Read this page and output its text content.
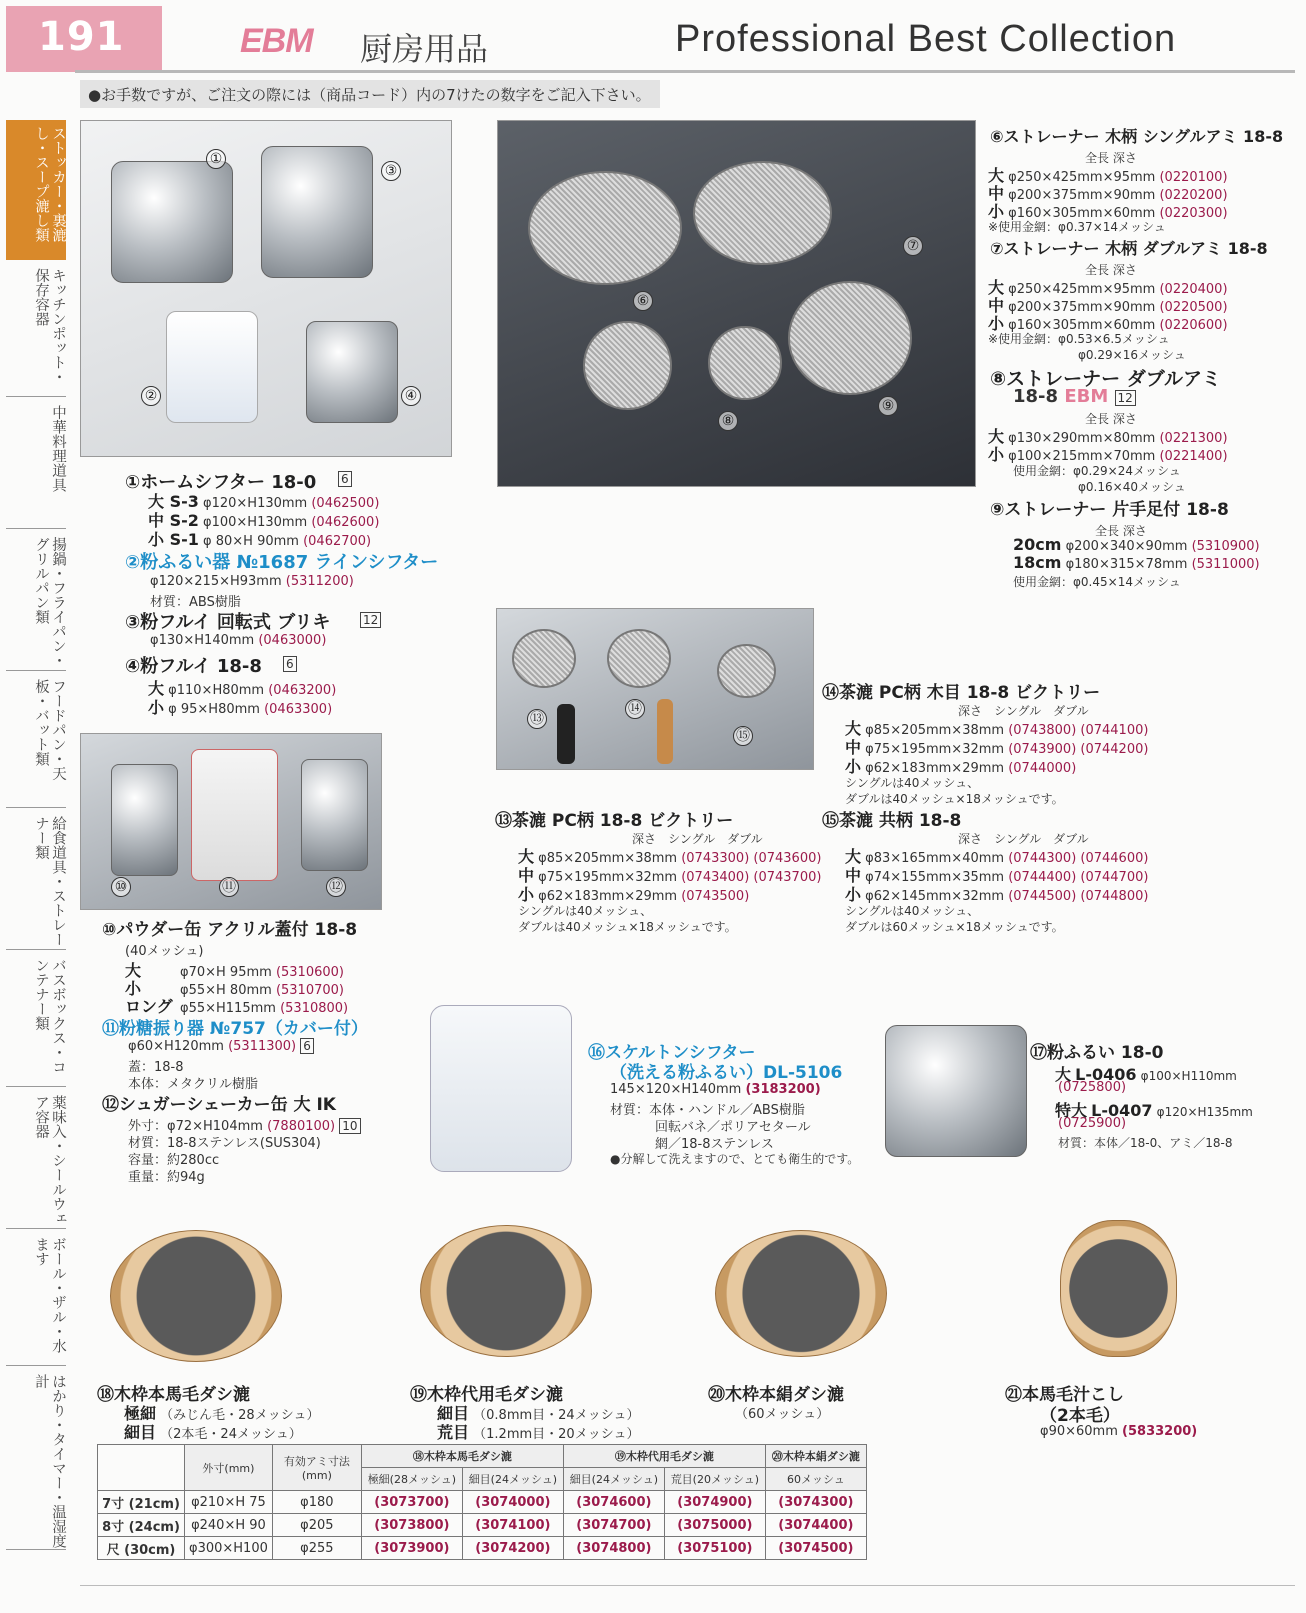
191	EBM 厨房用品	Professional Best Collection
●お手数ですが、ご注文の際には（商品コード）内の7けたの数字をご記入下さい。
ストッカー・裏漉し・スープ漉し類
キッチンポット・保存容器
中華料理道具
揚鍋・フライパン・グリルパン類
フードパン・天板・バット類
給食道具・ストレーナー類
バスボックス・コンテナー類
薬味入・シールウェア容器
ボール・ザル・水ます
はかり・タイマー・温湿度計
①
②
③
④
⑥
⑦
⑧
⑨
⑩	⑪	⑫
⑬
⑭
⑮
①ホームシフター 18-0 6
大 S-3 φ120×H130mm (0462500)
中 S-2 φ100×H130mm (0462600)
小 S-1 φ 80×H 90mm (0462700)
②粉ふるい器 №1687 ラインシフター
φ120×215×H93mm (5311200)
材質：ABS樹脂
③粉フルイ 回転式 ブリキ	12
φ130×H140mm (0463000)
④粉フルイ 18-8 6
大 φ110×H80mm (0463200)
小 φ 95×H80mm (0463300)
⑥ストレーナー 木柄 シングルアミ 18-8
全長 深さ
大 φ250×425mm×95mm (0220100)
中 φ200×375mm×90mm (0220200)
小 φ160×305mm×60mm (0220300)
※使用金網：φ0.37×14メッシュ
⑦ストレーナー 木柄 ダブルアミ 18-8
全長 深さ
大 φ250×425mm×95mm (0220400)
中 φ200×375mm×90mm (0220500)
小 φ160×305mm×60mm (0220600)
※使用金網：φ0.53×6.5メッシュ
φ0.29×16メッシュ
⑧ストレーナー ダブルアミ
18-8 EBM 12
全長 深さ
大 φ130×290mm×80mm (0221300)
小 φ100×215mm×70mm (0221400)
使用金網：φ0.29×24メッシュ
φ0.16×40メッシュ
⑨ストレーナー 片手足付 18-8
全長 深さ
20cm φ200×340×90mm (5310900)
18cm φ180×315×78mm (5311000)
使用金網：φ0.45×14メッシュ
⑩パウダー缶 アクリル蓋付 18-8
(40メッシュ)
大	φ70×H 95mm (5310600)
小	φ55×H 80mm (5310700)
ロング φ55×H115mm (5310800)
⑪粉糖振り器 №757（カバー付）
φ60×H120mm (5311300) 6
蓋：18-8
本体：メタクリル樹脂
⑫シュガーシェーカー缶 大 IK
外寸：φ72×H104mm (7880100) 10
材質：18-8ステンレス(SUS304)
容量：約280cc
重量：約94g
⑬茶漉 PC柄 18-8 ビクトリー
深さ　シングル　ダブル
大 φ85×205mm×38mm (0743300) (0743600)
中 φ75×195mm×32mm (0743400) (0743700)
小 φ62×183mm×29mm (0743500)
シングルは40メッシュ、
ダブルは40メッシュ×18メッシュです。
⑭茶漉 PC柄 木目 18-8 ビクトリー
深さ　シングル　ダブル
大 φ85×205mm×38mm (0743800) (0744100)
中 φ75×195mm×32mm (0743900) (0744200)
小 φ62×183mm×29mm (0744000)
シングルは40メッシュ、
ダブルは40メッシュ×18メッシュです。
⑮茶漉 共柄 18-8
深さ　シングル　ダブル
大 φ83×165mm×40mm (0744300) (0744600)
中 φ74×155mm×35mm (0744400) (0744700)
小 φ62×145mm×32mm (0744500) (0744800)
シングルは40メッシュ、
ダブルは60メッシュ×18メッシュです。
⑯スケルトンシフター
（洗える粉ふるい）DL-5106
145×120×H140mm (3183200)
材質：本体・ハンドル／ABS樹脂
回転バネ／ポリアセタール
網／18-8ステンレス
●分解して洗えますので、とても衛生的です。
⑰粉ふるい 18-0
大 L-0406 φ100×H110mm
(0725800)
特大 L-0407 φ120×H135mm
(0725900)
材質：本体／18-0、アミ／18-8
⑱木枠本馬毛ダシ漉
極細 （みじん毛・28メッシュ）
細目 （2本毛・24メッシュ）
⑲木枠代用毛ダシ漉
細目 （0.8mm目・24メッシュ）
荒目 （1.2mm目・20メッシュ）
⑳木枠本絹ダシ漉
（60メッシュ）
㉑本馬毛汁こし
（2本毛）
φ90×60mm (5833200)
	外寸(mm)	有効アミ寸法(mm)	⑱木枠本馬毛ダシ漉		⑲木枠代用毛ダシ漉		⑳木枠本絹ダシ漉
			極細(28メッシュ)	細目(24メッシュ)	細目(24メッシュ)	荒目(20メッシュ)	60メッシュ
7寸 (21cm)	φ210×H 75	φ180	(3073700)	(3074000)	(3074600)	(3074900)	(3074300)
8寸 (24cm)	φ240×H 90	φ205	(3073800)	(3074100)	(3074700)	(3075000)	(3074400)
尺 (30cm)	φ300×H100	φ255	(3073900)	(3074200)	(3074800)	(3075100)	(3074500)
